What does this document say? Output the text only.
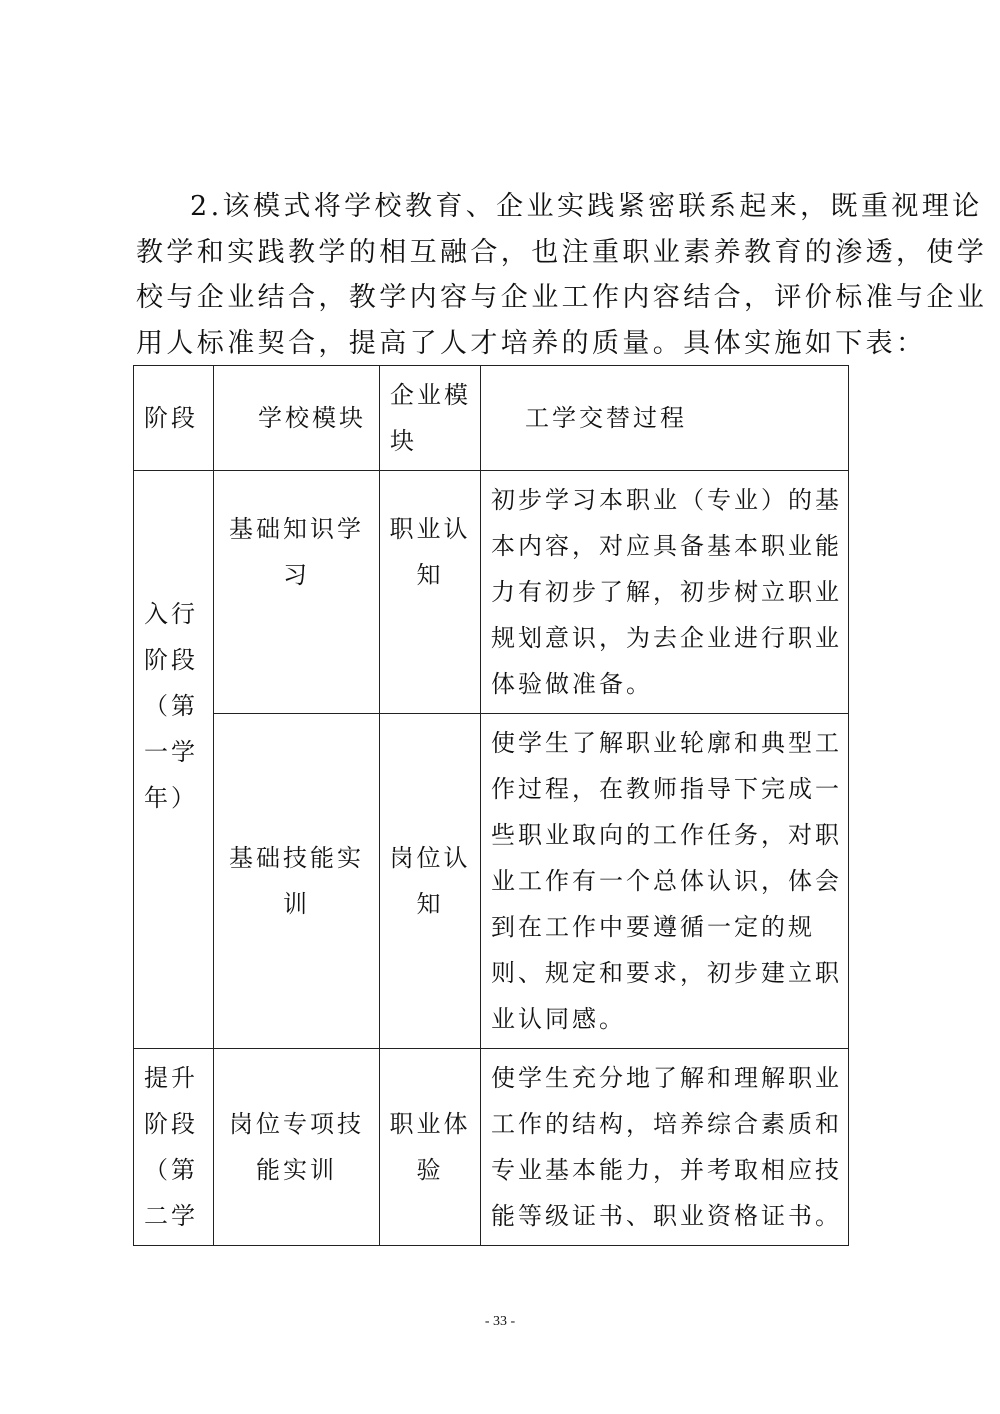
2.该模式将学校教育、企业实践紧密联系起来，既重视理论
教学和实践教学的相互融合，也注重职业素养教育的渗透，使学
校与企业结合，教学内容与企业工作内容结合，评价标准与企业
用人标准契合，提高了人才培养的质量。具体实施如下表：
阶段	学校模块	企业模块	工学交替过程
入行阶段（第一学年）	基础知识学习	职业认知	初步学习本职业（专业）的基本内容，对应具备基本职业能力有初步了解，初步树立职业规划意识，为去企业进行职业体验做准备。
	基础技能实训	岗位认知	使学生了解职业轮廓和典型工作过程，在教师指导下完成一些职业取向的工作任务，对职业工作有一个总体认识，体会到在工作中要遵循一定的规则、规定和要求，初步建立职业认同感。
提升阶段（第二学	岗位专项技能实训	职业体验	使学生充分地了解和理解职业工作的结构，培养综合素质和专业基本能力，并考取相应技能等级证书、职业资格证书。
- 33 -
